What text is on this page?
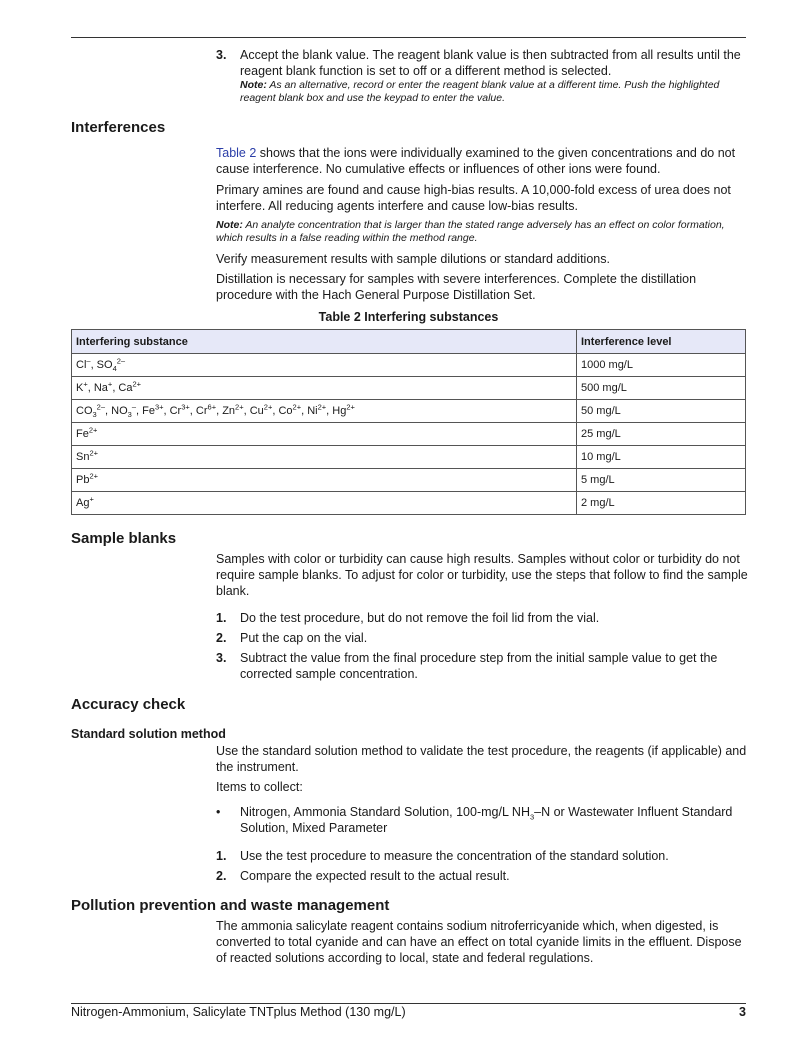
3. Accept the blank value. The reagent blank value is then subtracted from all results until the reagent blank function is set to off or a different method is selected.
Note: As an alternative, record or enter the reagent blank value at a different time. Push the highlighted reagent blank box and use the keypad to enter the value.
Interferences
Table 2 shows that the ions were individually examined to the given concentrations and do not cause interference. No cumulative effects or influences of other ions were found.
Primary amines are found and cause high-bias results. A 10,000-fold excess of urea does not interfere. All reducing agents interfere and cause low-bias results.
Note: An analyte concentration that is larger than the stated range adversely has an effect on color formation, which results in a false reading within the method range.
Verify measurement results with sample dilutions or standard additions.
Distillation is necessary for samples with severe interferences. Complete the distillation procedure with the Hach General Purpose Distillation Set.
Table 2 Interfering substances
Interfering substance	Interference level
Cl–, $SO_4^{2-}$	1000 mg/L
K+, Na+, $Ca^{2+}$	500 mg/L
$CO_3^{2-}$, $NO_3^-$, $Fe^{3+}$, $Cr^{3+}$, $Cr^{6+}$, $Zn^{2+}$, $Cu^{2+}$, $Co^{2+}$, $Ni^{2+}$, $Hg^{2+}$	50 mg/L
$Fe^{2+}$	25 mg/L
$Sn^{2+}$	10 mg/L
$Pb^{2+}$	5 mg/L
Ag+	2 mg/L
Sample blanks
Samples with color or turbidity can cause high results. Samples without color or turbidity do not require sample blanks. To adjust for color or turbidity, use the steps that follow to find the sample blank.
1. Do the test procedure, but do not remove the foil lid from the vial.
2. Put the cap on the vial.
3. Subtract the value from the final procedure step from the initial sample value to get the corrected sample concentration.
Accuracy check
Standard solution method
Use the standard solution method to validate the test procedure, the reagents (if applicable) and the instrument.
Items to collect:
• Nitrogen, Ammonia Standard Solution, 100-mg/L $NH_3-N$ or Wastewater Influent Standard Solution, Mixed Parameter
1. Use the test procedure to measure the concentration of the standard solution.
2. Compare the expected result to the actual result.
Pollution prevention and waste management
The ammonia salicylate reagent contains sodium nitroferricyanide which, when digested, is converted to total cyanide and can have an effect on total cyanide limits in the effluent. Dispose of reacted solutions according to local, state and federal regulations.
Nitrogen-Ammonium, Salicylate TNTplus Method (130 mg/L)	3
